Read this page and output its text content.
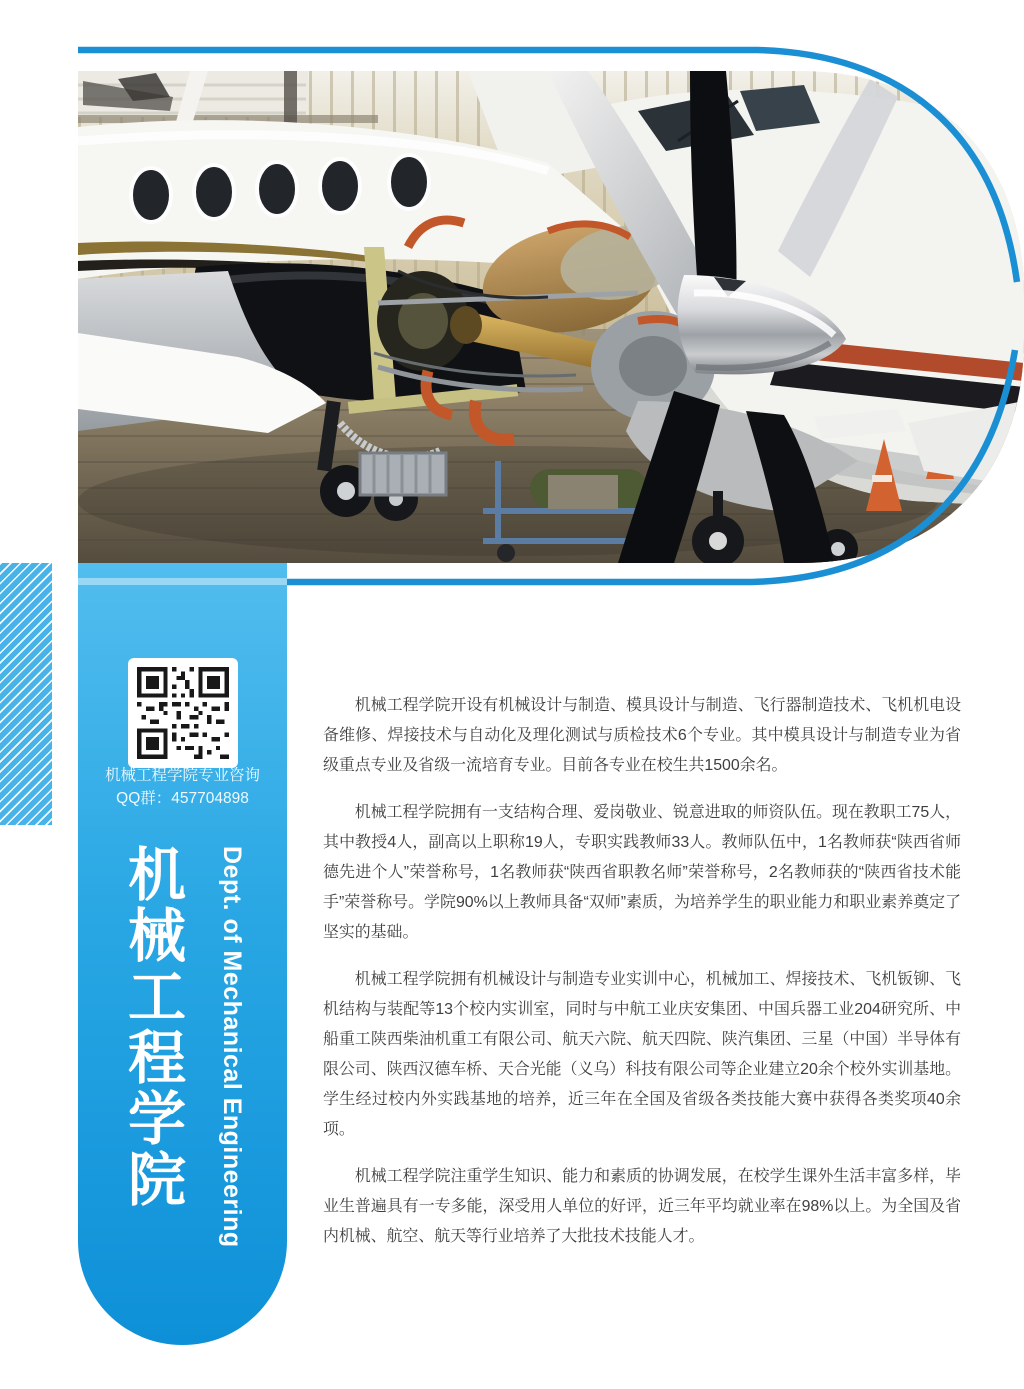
机械工程学院专业咨询
QQ群：457704898
机械工程学院 Dept. of Mechanical Engineering

机械工程学院开设有机械设计与制造、模具设计与制造、飞行器制造技术、飞机机电设备维修、焊接技术与自动化及理化测试与质检技术6个专业。其中模具设计与制造专业为省级重点专业及省级一流培育专业。目前各专业在校生共1500余名。

机械工程学院拥有一支结构合理、爱岗敬业、锐意进取的师资队伍。现在教职工75人，其中教授4人，副高以上职称19人，专职实践教师33人。教师队伍中，1名教师获“陕西省师德先进个人”荣誉称号，1名教师获“陕西省职教名师”荣誉称号，2名教师获的“陕西省技术能手”荣誉称号。学院90%以上教师具备“双师”素质，为培养学生的职业能力和职业素养奠定了坚实的基础。

机械工程学院拥有机械设计与制造专业实训中心，机械加工、焊接技术、飞机钣铆、飞机结构与装配等13个校内实训室，同时与中航工业庆安集团、中国兵器工业204研究所、中船重工陕西柴油机重工有限公司、航天六院、航天四院、陕汽集团、三星（中国）半导体有限公司、陕西汉德车桥、天合光能（义乌）科技有限公司等企业建立20余个校外实训基地。学生经过校内外实践基地的培养，近三年在全国及省级各类技能大赛中获得各类奖项40余项。

机械工程学院注重学生知识、能力和素质的协调发展，在校学生课外生活丰富多样，毕业生普遍具有一专多能，深受用人单位的好评，近三年平均就业率在98%以上。为全国及省内机械、航空、航天等行业培养了大批技术技能人才。
